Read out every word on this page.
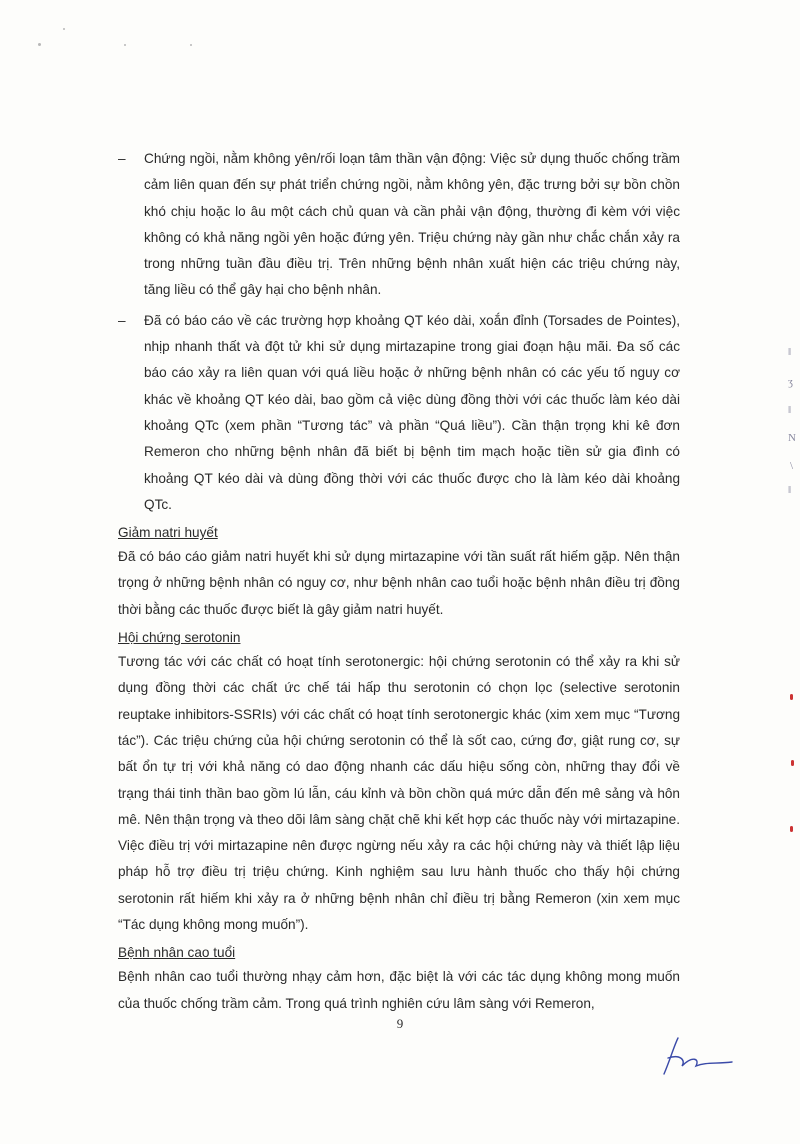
– Chứng ngồi, nằm không yên/rối loạn tâm thần vận động: Việc sử dụng thuốc chống trầm cảm liên quan đến sự phát triển chứng ngồi, nằm không yên, đặc trưng bởi sự bồn chồn khó chịu hoặc lo âu một cách chủ quan và cần phải vận động, thường đi kèm với việc không có khả năng ngồi yên hoặc đứng yên. Triệu chứng này gần như chắc chắn xảy ra trong những tuần đầu điều trị. Trên những bệnh nhân xuất hiện các triệu chứng này, tăng liều có thể gây hại cho bệnh nhân.
– Đã có báo cáo về các trường hợp khoảng QT kéo dài, xoắn đỉnh (Torsades de Pointes), nhịp nhanh thất và đột tử khi sử dụng mirtazapine trong giai đoạn hậu mãi. Đa số các báo cáo xảy ra liên quan với quá liều hoặc ở những bệnh nhân có các yếu tố nguy cơ khác về khoảng QT kéo dài, bao gồm cả việc dùng đồng thời với các thuốc làm kéo dài khoảng QTc (xem phần “Tương tác” và phần “Quá liều”). Cần thận trọng khi kê đơn Remeron cho những bệnh nhân đã biết bị bệnh tim mạch hoặc tiền sử gia đình có khoảng QT kéo dài và dùng đồng thời với các thuốc được cho là làm kéo dài khoảng QTc.
Giảm natri huyết

Đã có báo cáo giảm natri huyết khi sử dụng mirtazapine với tần suất rất hiếm gặp. Nên thận trọng ở những bệnh nhân có nguy cơ, như bệnh nhân cao tuổi hoặc bệnh nhân điều trị đồng thời bằng các thuốc được biết là gây giảm natri huyết.

Hội chứng serotonin

Tương tác với các chất có hoạt tính serotonergic: hội chứng serotonin có thể xảy ra khi sử dụng đồng thời các chất ức chế tái hấp thu serotonin có chọn lọc (selective serotonin reuptake inhibitors-SSRIs) với các chất có hoạt tính serotonergic khác (xim xem mục “Tương tác”). Các triệu chứng của hội chứng serotonin có thể là sốt cao, cứng đơ, giật rung cơ, sự bất ổn tự trị với khả năng có dao động nhanh các dấu hiệu sống còn, những thay đổi về trạng thái tinh thần bao gồm lú lẫn, cáu kỉnh và bồn chồn quá mức dẫn đến mê sảng và hôn mê. Nên thận trọng và theo dõi lâm sàng chặt chẽ khi kết hợp các thuốc này với mirtazapine. Việc điều trị với mirtazapine nên được ngừng nếu xảy ra các hội chứng này và thiết lập liệu pháp hỗ trợ điều trị triệu chứng. Kinh nghiệm sau lưu hành thuốc cho thấy hội chứng serotonin rất hiếm khi xảy ra ở những bệnh nhân chỉ điều trị bằng Remeron (xin xem mục “Tác dụng không mong muốn”).

Bệnh nhân cao tuổi

Bệnh nhân cao tuổi thường nhạy cảm hơn, đặc biệt là với các tác dụng không mong muốn của thuốc chống trầm cảm. Trong quá trình nghiên cứu lâm sàng với Remeron,

9
ǁ
ʒ
ǁ
N
\
ǁ
